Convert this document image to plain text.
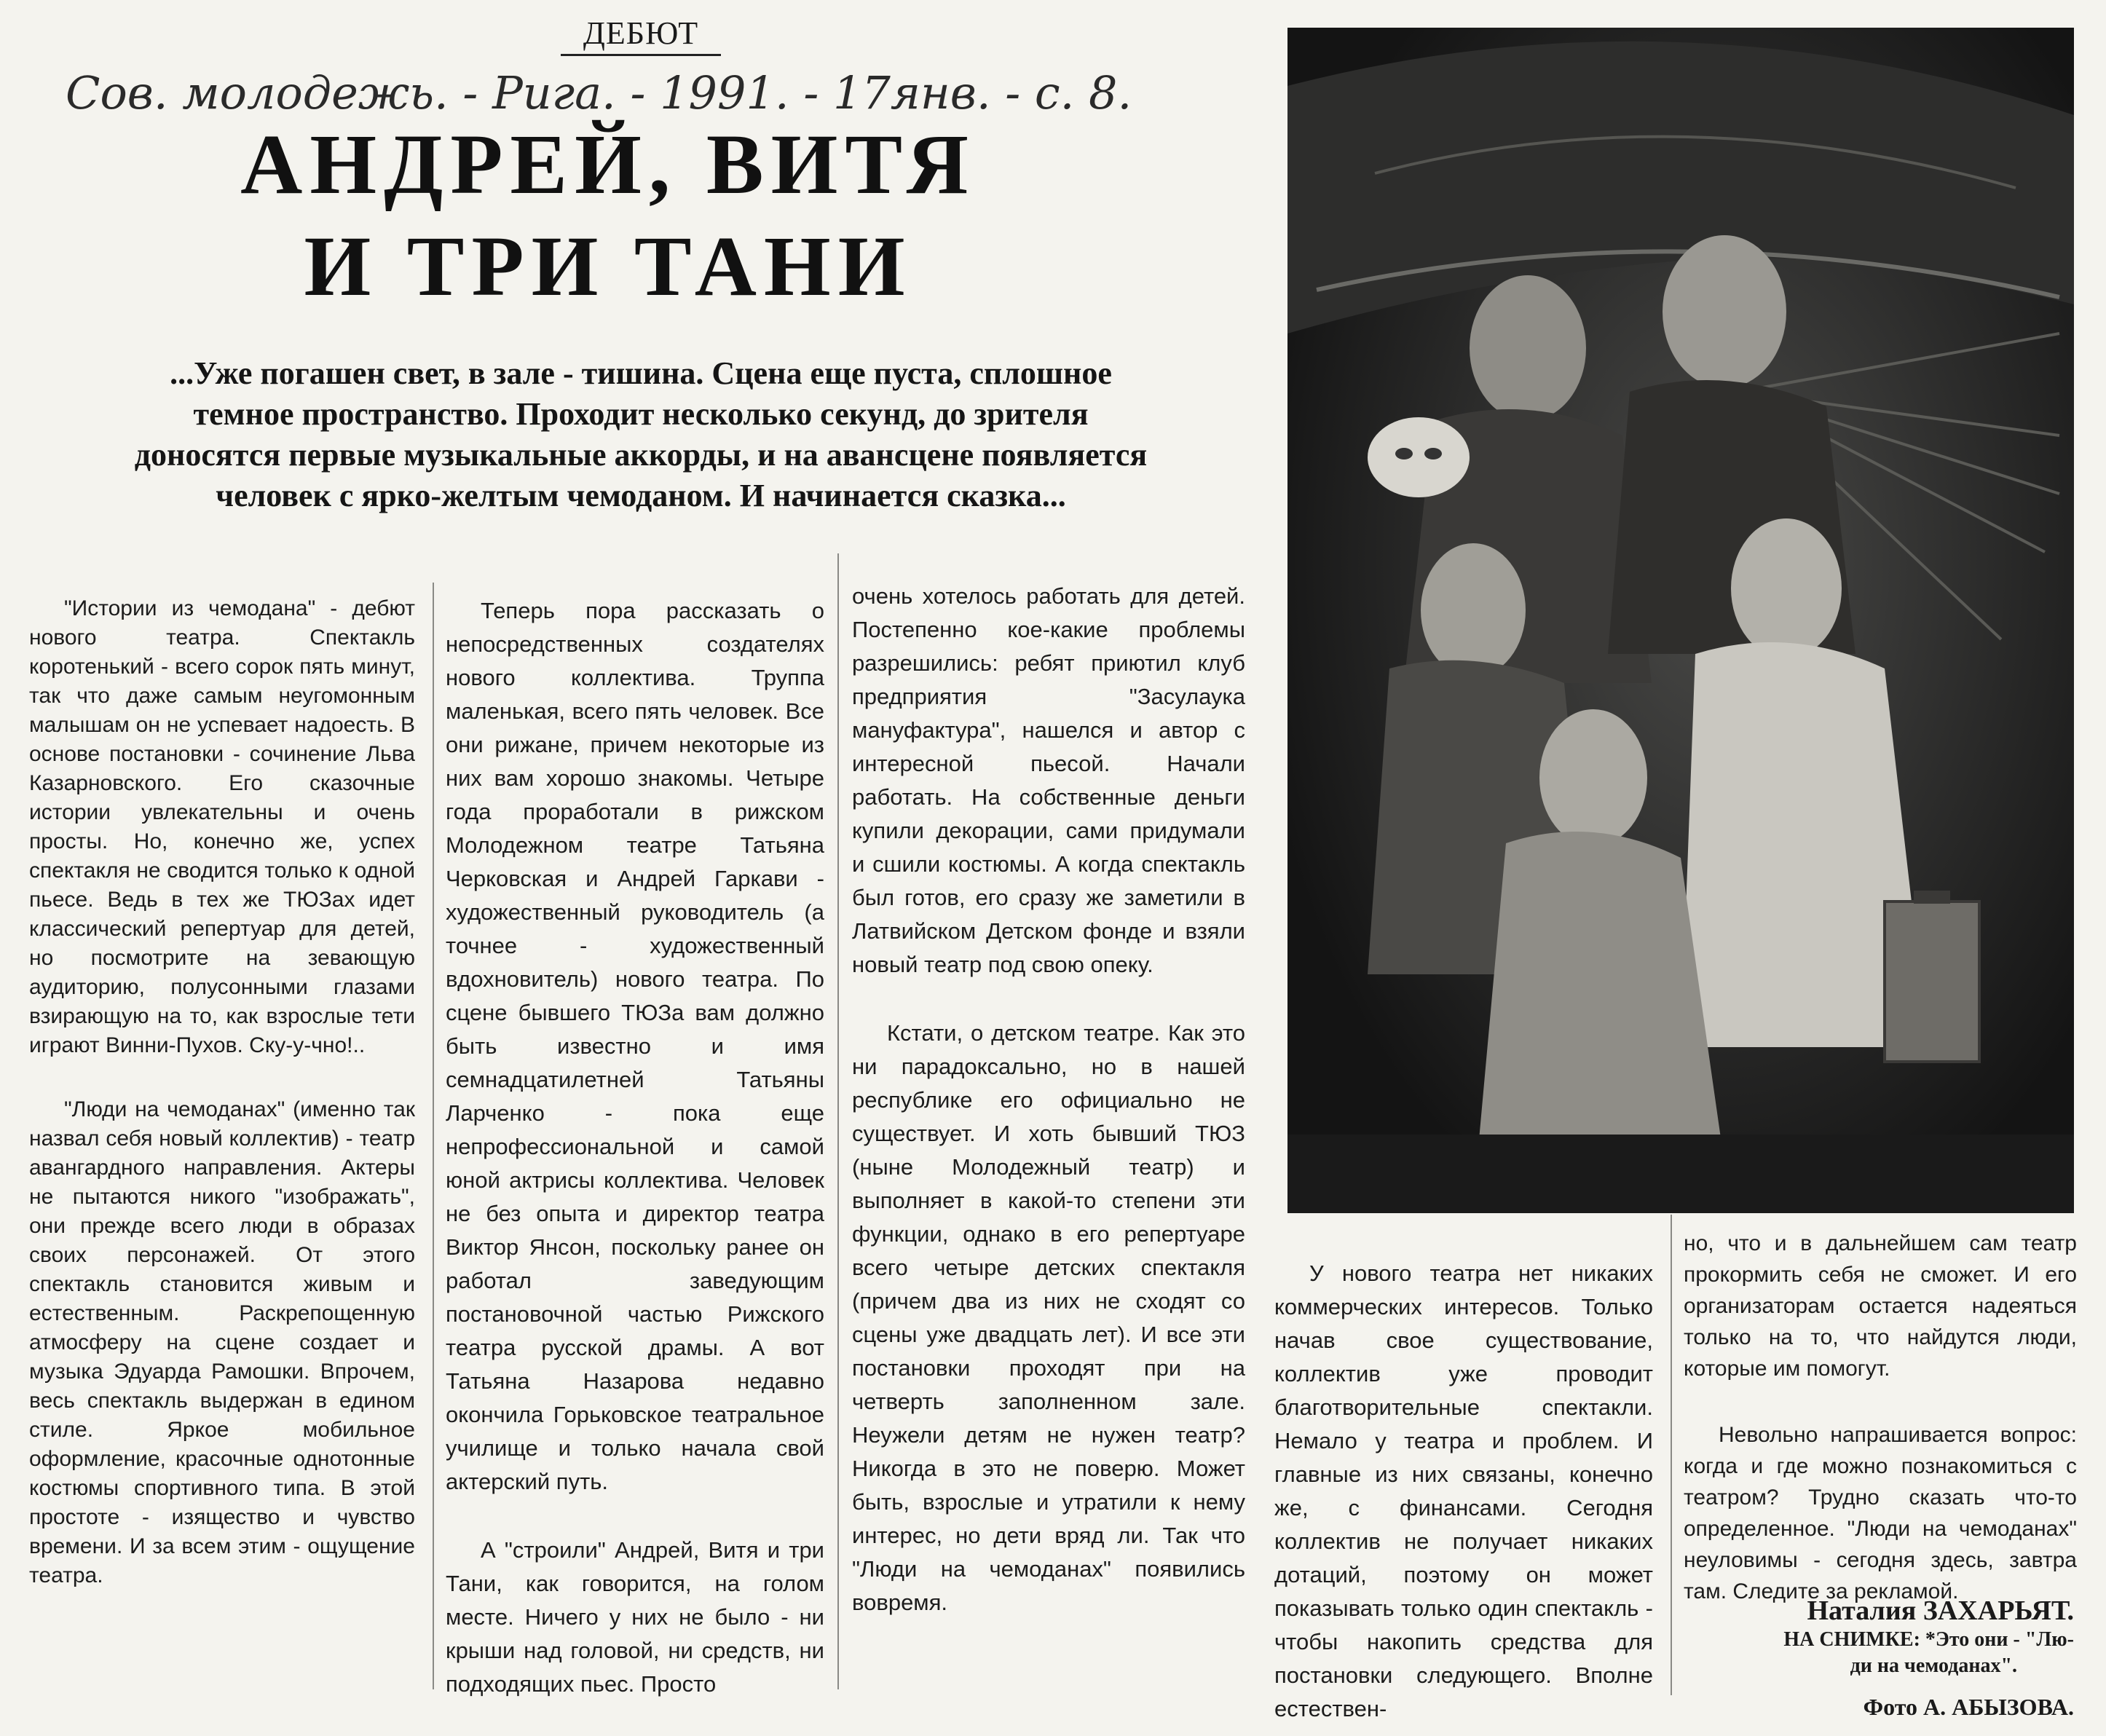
ДЕБЮТ
Сов. молодежь. - Рига. - 1991. - 17янв. - с. 8.
АНДРЕЙ, ВИТЯ
И ТРИ ТАНИ
...Уже погашен свет, в зале - тишина. Сцена еще пуста, сплошное
темное пространство. Проходит несколько секунд, до зрителя
доносятся первые музыкальные аккорды, и на авансцене появляется
человек с ярко-желтым чемоданом. И начинается сказка...

"Истории из чемодана" - дебют нового театра. Спектакль коротенький - всего сорок пять минут, так что даже самым неугомонным малышам он не успевает надоесть. В основе постановки - сочинение Льва Казарновского. Его сказочные истории увлекательны и очень просты. Но, конечно же, успех спектакля не сводится только к одной пьесе. Ведь в тех же ТЮЗах идет классический репертуар для детей, но посмотрите на зевающую аудиторию, полусонными глазами взирающую на то, как взрослые тети играют Винни-Пухов. Ску-у-чно!..

"Люди на чемоданах" (именно так назвал себя новый коллектив) - театр авангардного направления. Актеры не пытаются никого "изображать", они прежде всего люди в образах своих персонажей. От этого спектакль становится живым и естественным. Раскрепощенную атмосферу на сцене создает и музыка Эдуарда Рамошки. Впрочем, весь спектакль выдержан в едином стиле. Яркое мобильное оформление, красочные однотонные костюмы спортивного типа. В этой простоте - изящество и чувство времени. И за всем этим - ощущение театра.

Теперь пора рассказать о непосредственных создателях нового коллектива. Труппа маленькая, всего пять человек. Все они рижане, причем некоторые из них вам хорошо знакомы. Четыре года проработали в рижском Молодежном театре Татьяна Черковская и Андрей Гаркави - художественный руководитель (а точнее - художественный вдохновитель) нового театра. По сцене бывшего ТЮЗа вам должно быть известно и имя семнадцатилетней Татьяны Ларченко - пока еще непрофессиональной и самой юной актрисы коллектива. Человек не без опыта и директор театра Виктор Янсон, поскольку ранее он работал заведующим постановочной частью Рижского театра русской драмы. А вот Татьяна Назарова недавно окончила Горьковское театральное училище и только начала свой актерский путь.

А "строили" Андрей, Витя и три Тани, как говорится, на голом месте. Ничего у них не было - ни крыши над головой, ни средств, ни подходящих пьес. Просто

очень хотелось работать для детей. Постепенно кое-какие проблемы разрешились: ребят приютил клуб предприятия "Засулаука мануфактура", нашелся и автор с интересной пьесой. Начали работать. На собственные деньги купили декорации, сами придумали и сшили костюмы. А когда спектакль был готов, его сразу же заметили в Латвийском Детском фонде и взяли новый театр под свою опеку.

Кстати, о детском театре. Как это ни парадоксально, но в нашей республике его официально не существует. И хоть бывший ТЮЗ (ныне Молодежный театр) и выполняет в какой-то степени эти функции, однако в его репертуаре всего четыре детских спектакля (причем два из них не сходят со сцены уже двадцать лет). И все эти постановки проходят при на четверть заполненном зале. Неужели детям не нужен театр? Никогда в это не поверю. Может быть, взрослые и утратили к нему интерес, но дети вряд ли. Так что "Люди на чемоданах" появились вовремя.

У нового театра нет никаких коммерческих интересов. Только начав свое существование, коллектив уже проводит благотворительные спектакли. Немало у театра и проблем. И главные из них связаны, конечно же, с финансами. Сегодня коллектив не получает никаких дотаций, поэтому он может показывать только один спектакль - чтобы накопить средства для постановки следующего. Вполне естествен-

но, что и в дальнейшем сам театр прокормить себя не сможет. И его организаторам остается надеяться только на то, что найдутся люди, которые им помогут.

Невольно напрашивается вопрос: когда и где можно познакомиться с театром? Трудно сказать что-то определенное. "Люди на чемоданах" неуловимы - сегодня здесь, завтра там. Следите за рекламой.

Наталия ЗАХАРЬЯТ.
НА СНИМКЕ: *Это они - "Лю-
ди на чемоданах".
Фото А. АБЫЗОВА.
